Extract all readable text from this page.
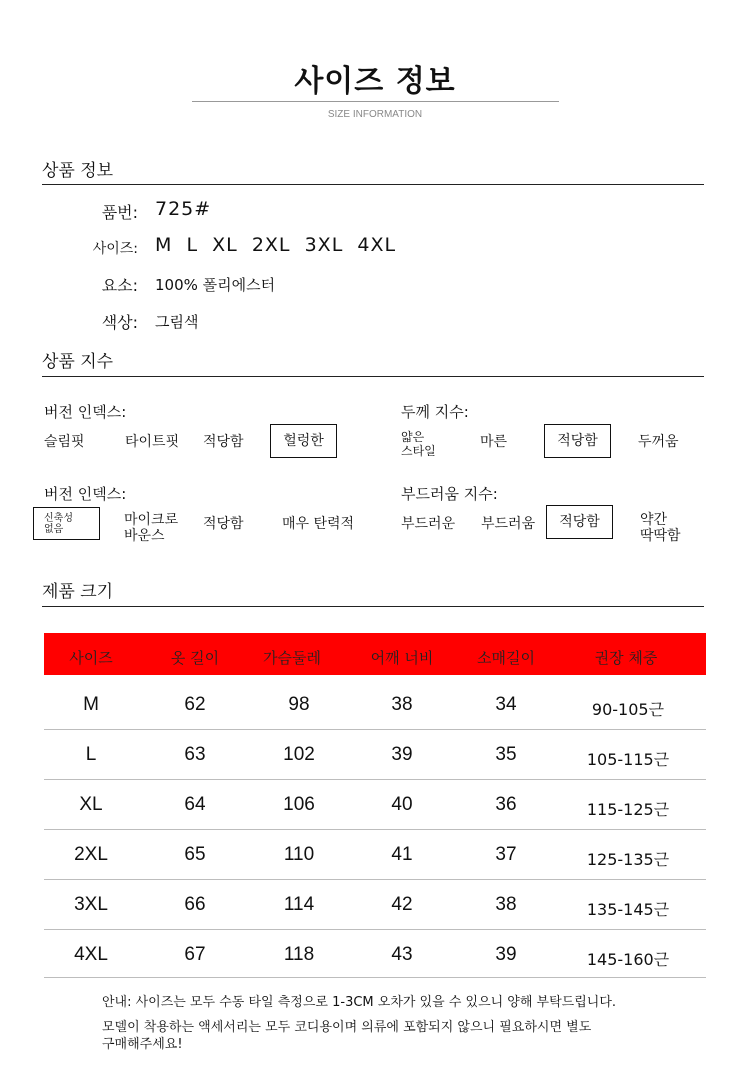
사이즈 정보
SIZE INFORMATION
상품 정보
품번: 725#
사이즈: M  L  XL  2XL  3XL  4XL
요소: 100% 폴리에스터
색상: 그림색
상품 지수
버전 인덱스:
슬림핏	타이트핏 적당함	헐렁한
두께 지수:
얇은
스타일
마른	적당함	두꺼움
버전 인덱스:
신축성
없음
마이크로
바운스
적당함	매우 탄력적
부드러움 지수:
부드러운 부드러움 적당함	약간
딱딱함
제품 크기
사이즈	옷 길이	가슴둘레	어깨 너비	소매길이	권장 체중
M	62	98	38	34	90-105근
L	63	102	39	35	105-115근
XL	64	106	40	36	115-125근
2XL	65	110	41	37	125-135근
3XL	66	114	42	38	135-145근
4XL	67	118	43	39	145-160근
안내: 사이즈는 모두 수동 타일 측정으로 1-3CM 오차가 있을 수 있으니 양해 부탁드립니다.
모델이 착용하는 액세서리는 모두 코디용이며 의류에 포함되지 않으니 필요하시면 별도
구매해주세요!
